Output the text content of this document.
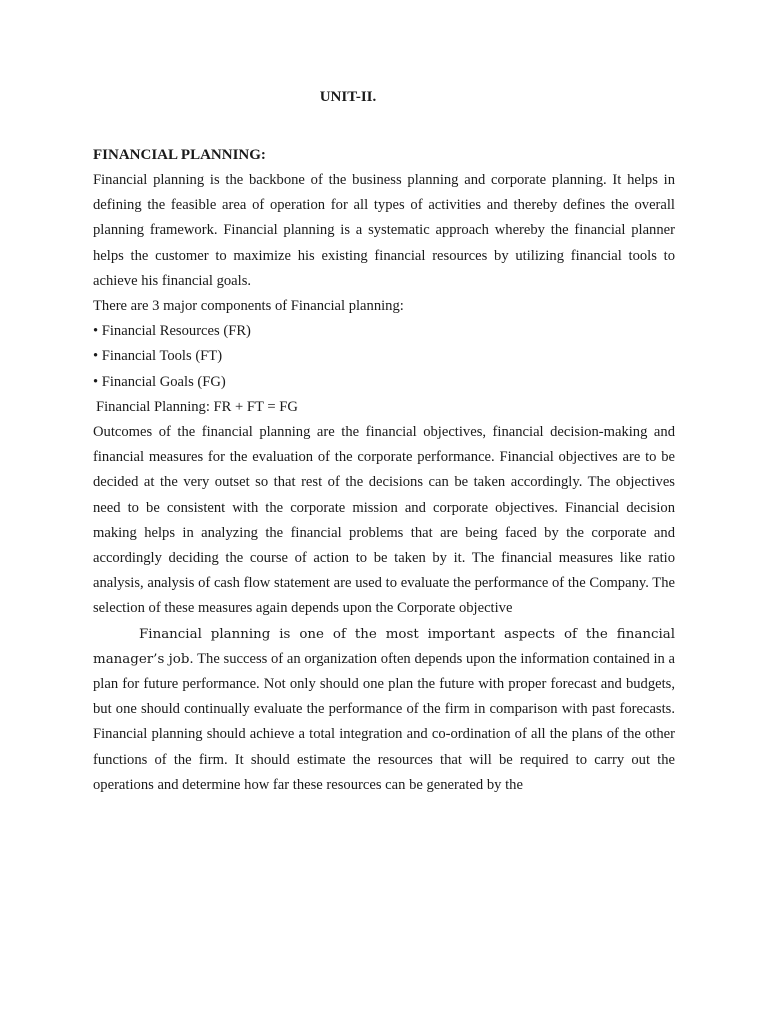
UNIT-II.

FINANCIAL PLANNING:

Financial planning is the backbone of the business planning and corporate planning. It helps in defining the feasible area of operation for all types of activities and thereby defines the overall planning framework. Financial planning is a systematic approach whereby the financial planner helps the customer to maximize his existing financial resources by utilizing financial tools to achieve his financial goals.

There are 3 major components of Financial planning:

• Financial Resources (FR)

• Financial Tools (FT)

• Financial Goals (FG)

Financial Planning: FR + FT = FG

Outcomes of the financial planning are the financial objectives, financial decision-making and financial measures for the evaluation of the corporate performance. Financial objectives are to be decided at the very outset so that rest of the decisions can be taken accordingly. The objectives need to be consistent with the corporate mission and corporate objectives. Financial decision making helps in analyzing the financial problems that are being faced by the corporate and accordingly deciding the course of action to be taken by it. The financial measures like ratio analysis, analysis of cash flow statement are used to evaluate the performance of the Company. The selection of these measures again depends upon the Corporate objective

Financial planning is one of the most important aspects of the financial manager’s job. The success of an organization often depends upon the information contained in a plan for future performance. Not only should one plan the future with proper forecast and budgets, but one should continually evaluate the performance of the firm in comparison with past forecasts. Financial planning should achieve a total integration and co-ordination of all the plans of the other functions of the firm. It should estimate the resources that will be required to carry out the operations and determine how far these resources can be generated by the
